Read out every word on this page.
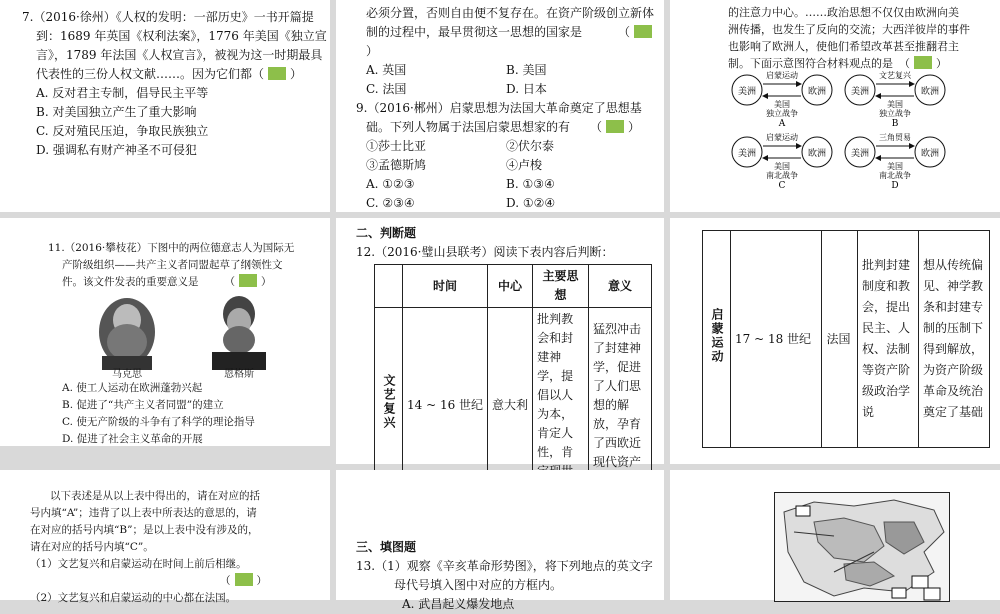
7.（2016·徐州）《人权的发明：一部历史》一书开篇提

到：1689 年英国《权利法案》，1776 年美国《独立宣

言》，1789 年法国《人权宣言》，被视为这一时期最具

代表性的三份人权文献……。因为它们都（ ）

A. 反对君主专制，倡导民主平等

B. 对美国独立产生了重大影响

C. 反对殖民压迫，争取民族独立

D. 强调私有财产神圣不可侵犯

必须分置，否则自由便不复存在。在资产阶级创立新体

制的过程中，最早贯彻这一思想的国家是	（）

A. 英国	B. 美国
C. 法国	D. 日本

9.（2016·郴州）启蒙思想为法国大革命奠定了思想基

础。下列人物属于法国启蒙思想家的有 （ ）

①莎士比亚	②伏尔泰
③孟德斯鸠	④卢梭
A. ①②③	B. ①③④
C. ②③④	D. ①②④

的注意力中心。……政治思想不仅仅由欧洲向美

洲传播，也发生了反向的交流；大西洋彼岸的事件

也影响了欧洲人，使他们希望改革甚至推翻君主

制。下面示意图符合材料观点的是 （ ）

美洲	欧洲
启蒙运动
美国
独立战争
A
美洲	欧洲
文艺复兴
美国
独立战争
B
美洲	欧洲
启蒙运动
美国
南北战争
C
美洲	欧洲
三角贸易
美国
南北战争
D

11.（2016·攀枝花）下图中的两位德意志人为国际无

产阶级组织——共产主义者同盟起草了纲领性文

件。该文件发表的重要意义是 （ ）

马克思	恩格斯

A. 使工人运动在欧洲蓬勃兴起

B. 促进了“共产主义者同盟”的建立

C. 使无产阶级的斗争有了科学的理论指导

D. 促进了社会主义革命的开展

二、判断题

12.（2016·璧山县联考）阅读下表内容后判断：

	时间	中心	主要思想	意义
文艺复兴	14 ~ 16 世纪	意大利	批判教会和封建神学，提倡以人为本，肯定人性，肯	猛烈冲击了封建神学，促进了人们思想的解放，孕育了西欧近现代资产
启蒙运动	17 ~ 18 世纪	法国	批判封建制度和教会，提出民主、人权、法制等资产阶级政治学说	想从传统偏见、神学教条和封建专制的压制下得到解放，为资产阶级革命及统治奠定了基础

以下表述是从以上表中得出的，请在对应的括

号内填“A”；违背了以上表中所表达的意思的，请

在对应的括号内填“B”；是以上表中没有涉及的，

请在对应的括号内填“C”。

（1）文艺复兴和启蒙运动在时间上前后相继。

（ ）

（2）文艺复兴和启蒙运动的中心都在法国。

三、填图题

13.（1）观察《辛亥革命形势图》，将下列地点的英文字

母代号填入图中对应的方框内。

A. 武昌起义爆发地点
